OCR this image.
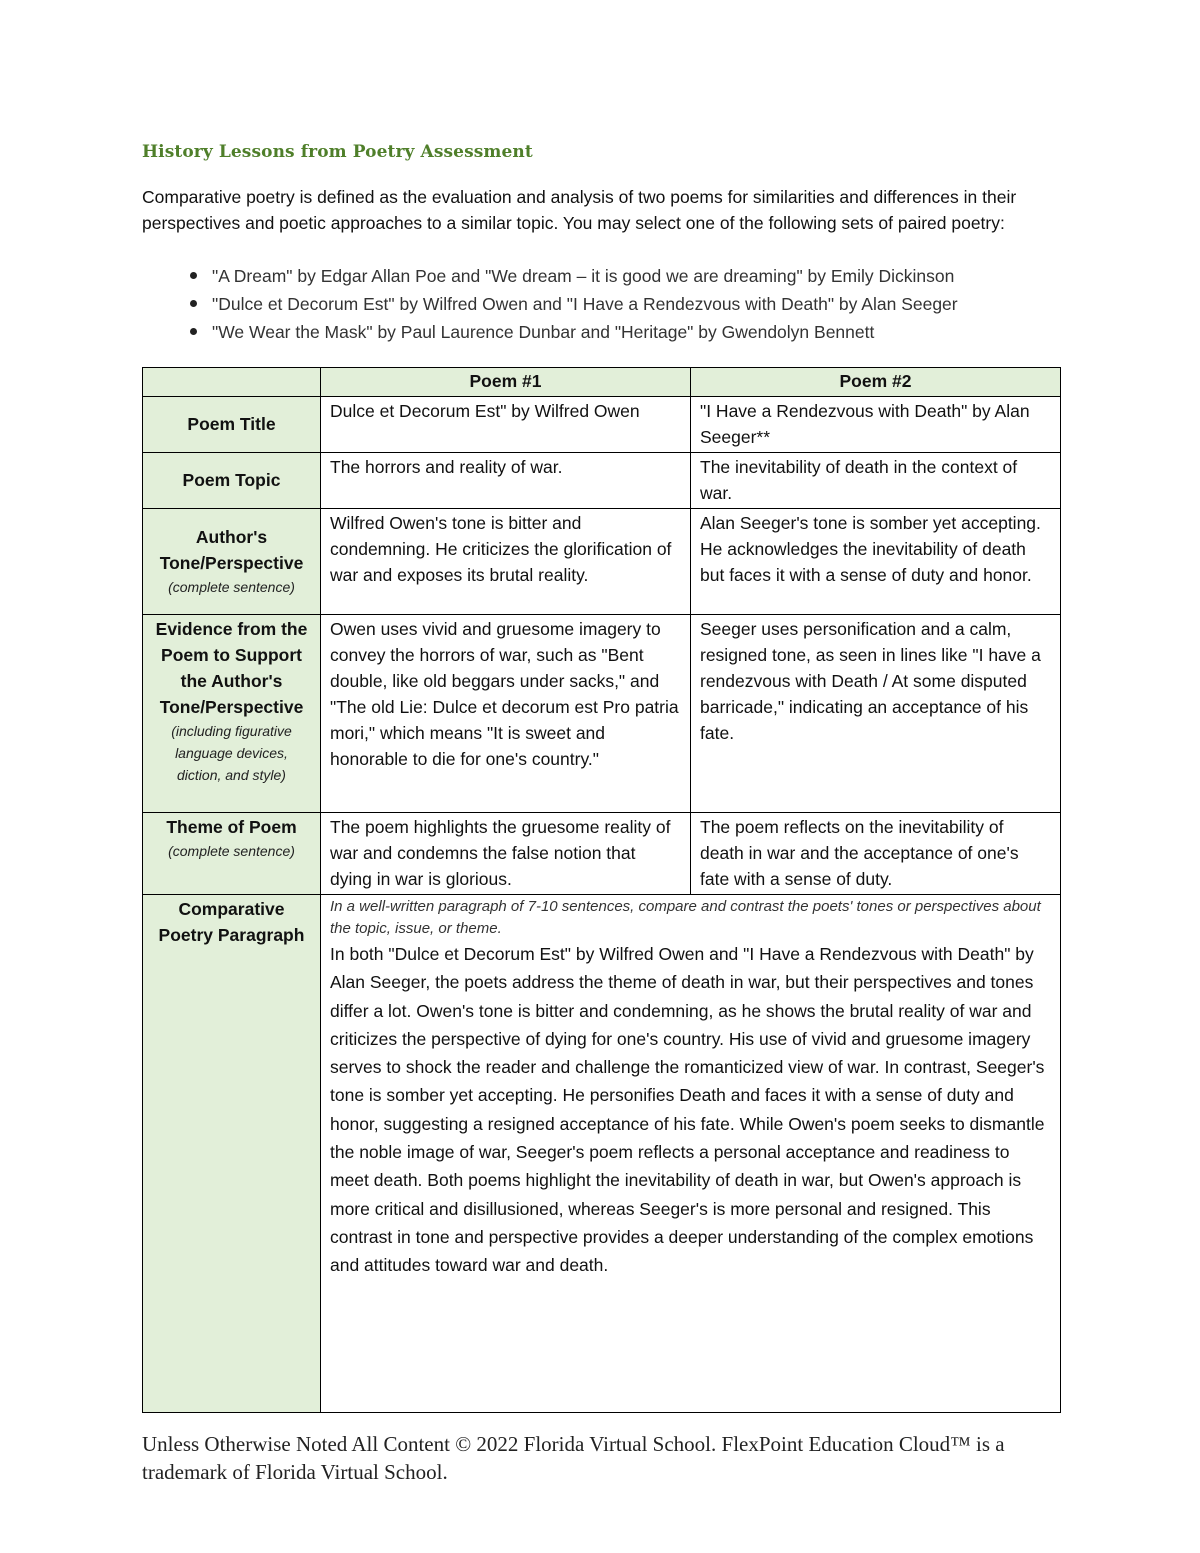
History Lessons from Poetry Assessment

Comparative poetry is defined as the evaluation and analysis of two poems for similarities and differences in their perspectives and poetic approaches to a similar topic. You may select one of the following sets of paired poetry:

"A Dream" by Edgar Allan Poe and "We dream – it is good we are dreaming" by Emily Dickinson
"Dulce et Decorum Est" by Wilfred Owen and "I Have a Rendezvous with Death" by Alan Seeger
"We Wear the Mask" by Paul Laurence Dunbar and "Heritage" by Gwendolyn Bennett
	Poem #1	Poem #2
Poem Title	Dulce et Decorum Est" by Wilfred Owen	"I Have a Rendezvous with Death" by Alan Seeger**
Poem Topic	The horrors and reality of war.	The inevitability of death in the context of war.
Author's Tone/Perspective
(complete sentence)	Wilfred Owen's tone is bitter and condemning. He criticizes the glorification of war and exposes its brutal reality.	Alan Seeger's tone is somber yet accepting. He acknowledges the inevitability of death but faces it with a sense of duty and honor.
Evidence from the Poem to Support the Author's Tone/Perspective
(including figurative language devices, diction, and style)	Owen uses vivid and gruesome imagery to convey the horrors of war, such as "Bent double, like old beggars under sacks," and "The old Lie: Dulce et decorum est Pro patria mori," which means "It is sweet and honorable to die for one's country."	Seeger uses personification and a calm, resigned tone, as seen in lines like "I have a rendezvous with Death / At some disputed barricade," indicating an acceptance of his fate.
Theme of Poem
(complete sentence)	The poem highlights the gruesome reality of war and condemns the false notion that dying in war is glorious.	The poem reflects on the inevitability of death in war and the acceptance of one's fate with a sense of duty.
Comparative Poetry Paragraph	In a well-written paragraph of 7-10 sentences, compare and contrast the poets' tones or perspectives about the topic, issue, or theme.
In both "Dulce et Decorum Est" by Wilfred Owen and "I Have a Rendezvous with Death" by Alan Seeger, the poets address the theme of death in war, but their perspectives and tones differ a lot. Owen's tone is bitter and condemning, as he shows the brutal reality of war and criticizes the perspective of dying for one's country. His use of vivid and gruesome imagery serves to shock the reader and challenge the romanticized view of war. In contrast, Seeger's tone is somber yet accepting. He personifies Death and faces it with a sense of duty and honor, suggesting a resigned acceptance of his fate. While Owen's poem seeks to dismantle the noble image of war, Seeger's poem reflects a personal acceptance and readiness to meet death. Both poems highlight the inevitability of death in war, but Owen's approach is more critical and disillusioned, whereas Seeger's is more personal and resigned. This contrast in tone and perspective provides a deeper understanding of the complex emotions and attitudes toward war and death.	
Unless Otherwise Noted All Content © 2022 Florida Virtual School. FlexPoint Education Cloud™ is a trademark of Florida Virtual School.
